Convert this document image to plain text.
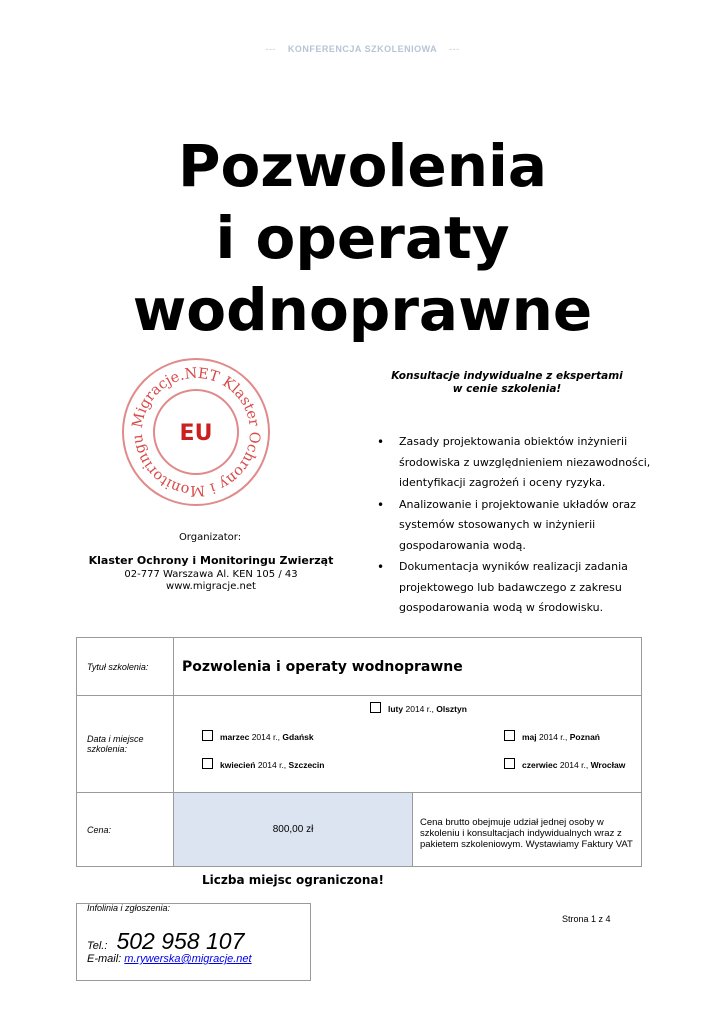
--- KONFERENCJA SZKOLENIOWA ---
Pozwolenia
i operaty
wodnoprawne
Migracje.NET Klaster Ochrony i Monitoringu	EU
Organizator:
Klaster Ochrony i Monitoringu Zwierząt
02-777 Warszawa Al. KEN 105 / 43
www.migracje.net
Konsultacje indywidualne z ekspertami
w cenie szkolenia!
• Zasady projektowania obiektów inżynierii środowiska z uwzględnieniem niezawodności, identyfikacji zagrożeń i oceny ryzyka.
• Analizowanie i projektowanie układów oraz systemów stosowanych w inżynierii gospodarowania wodą.
• Dokumentacja wyników realizacji zadania projektowego lub badawczego z zakresu gospodarowania wodą w środowisku.
Tytuł szkolenia:	Pozwolenia i operaty wodnoprawne	
Data i miejsce szkolenia:	luty 2014 r., Olsztyn
marzec 2014 r., Gdańsk maj 2014 r., Poznań
kwiecień 2014 r., Szczecin czerwiec 2014 r., Wrocław	

Cena:	800,00 zł	Cena brutto obejmuje udział jednej osoby w szkoleniu i konsultacjach indywidualnych wraz z pakietem szkoleniowym. Wystawiamy Faktury VAT
Liczba miejsc ograniczona!
Infolinia i zgłoszenia:
Tel.: 502 958 107
E-mail: m.rywerska@migracje.net
Strona 1 z 4
